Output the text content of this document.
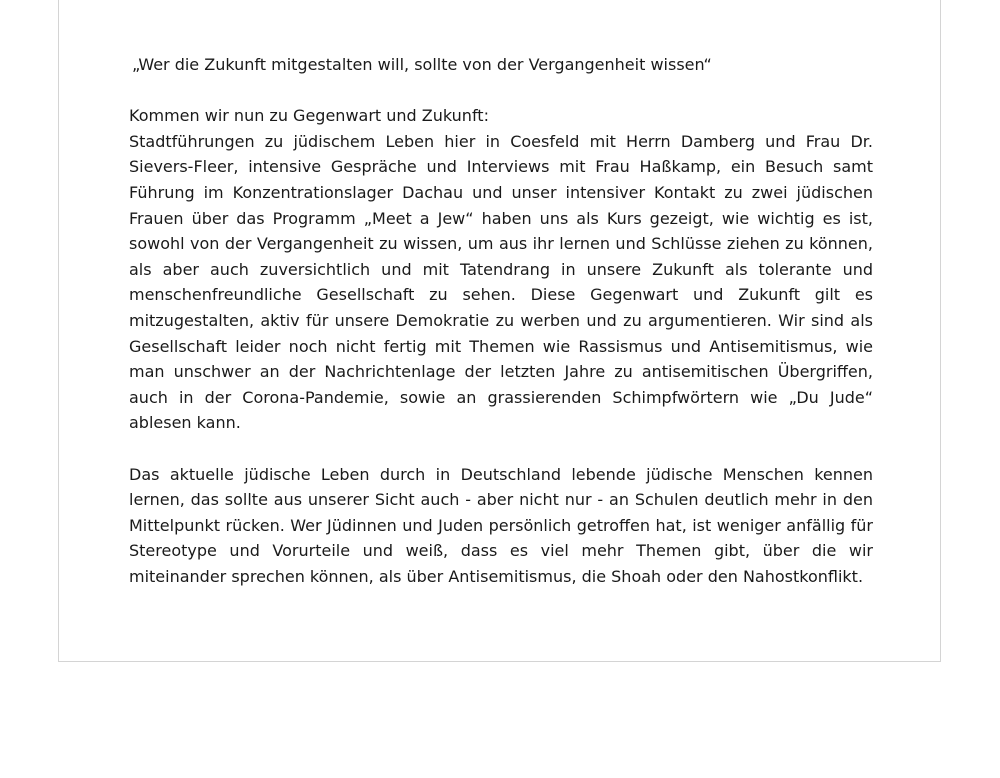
„Wer die Zukunft mitgestalten will, sollte von der Vergangenheit wissen“

Kommen wir nun zu Gegenwart und Zukunft:

Stadtführungen zu jüdischem Leben hier in Coesfeld mit Herrn Damberg und Frau Dr. Sievers-Fleer, intensive Gespräche und Interviews mit Frau Haßkamp, ein Besuch samt Führung im Konzentrationslager Dachau und unser intensiver Kontakt zu zwei jüdischen Frauen über das Programm „Meet a Jew“ haben uns als Kurs gezeigt, wie wichtig es ist, sowohl von der Vergangenheit zu wissen, um aus ihr lernen und Schlüsse ziehen zu können, als aber auch zuversichtlich und mit Tatendrang in unsere Zukunft als tolerante und menschenfreundliche Gesellschaft zu sehen. Diese Gegenwart und Zukunft gilt es mitzugestalten, aktiv für unsere Demokratie zu werben und zu argumentieren. Wir sind als Gesellschaft leider noch nicht fertig mit Themen wie Rassismus und Antisemitismus, wie man unschwer an der Nachrichtenlage der letzten Jahre zu antisemitischen Übergriffen, auch in der Corona-Pandemie, sowie an grassierenden Schimpfwörtern wie „Du Jude“ ablesen kann.

Das aktuelle jüdische Leben durch in Deutschland lebende jüdische Menschen kennen lernen, das sollte aus unserer Sicht auch - aber nicht nur - an Schulen deutlich mehr in den Mittelpunkt rücken. Wer Jüdinnen und Juden persönlich getroffen hat, ist weniger anfällig für Stereotype und Vorurteile und weiß, dass es viel mehr Themen gibt, über die wir miteinander sprechen können, als über Antisemitismus, die Shoah oder den Nahostkonflikt.
